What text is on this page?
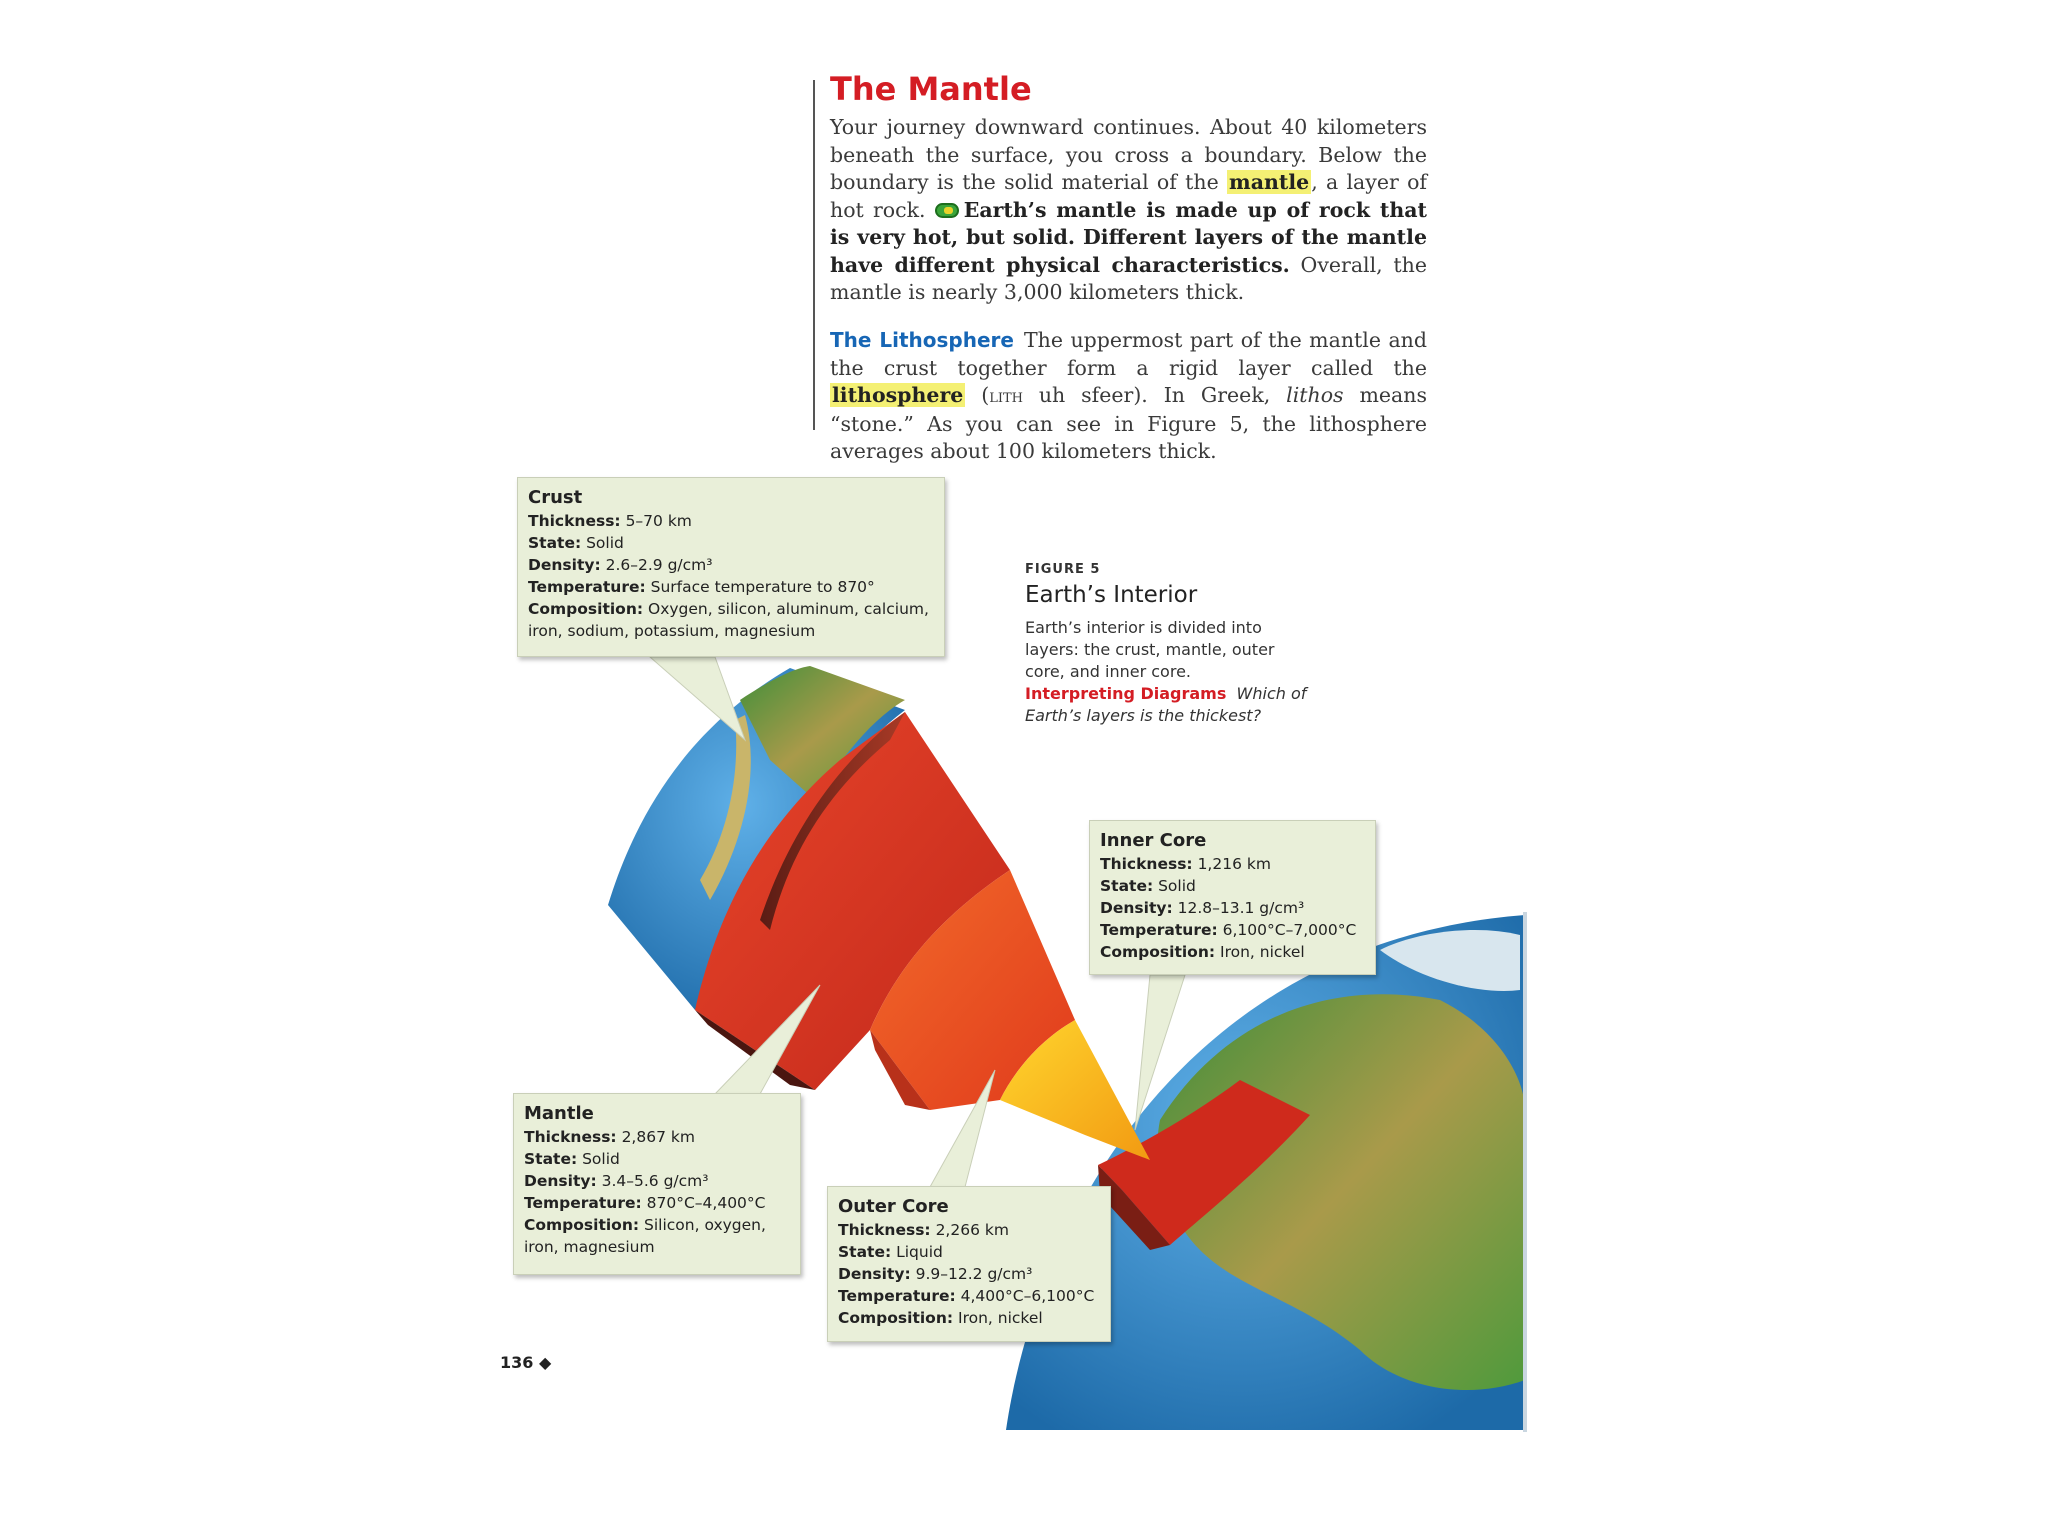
The Mantle

Your journey downward continues. About 40 kilometers beneath the surface, you cross a boundary. Below the boundary is the solid material of the mantle, a layer of hot rock. Earth’s mantle is made up of rock that is very hot, but solid. Different layers of the mantle have different physical characteristics. Overall, the mantle is nearly 3,000 kilometers thick.

The Lithosphere The uppermost part of the mantle and the crust together form a rigid layer called the lithosphere (lith uh sfeer). In Greek, lithos means “stone.” As you can see in Figure 5, the lithosphere averages about 100 kilometers thick.

FIGURE 5
Earth’s Interior
Earth’s interior is divided into layers: the crust, mantle, outer core, and inner core.
Interpreting Diagrams Which of Earth’s layers is the thickest?
Crust
Thickness: 5–70 km
State: Solid
Density: 2.6–2.9 g/cm³
Temperature: Surface temperature to 870°
Composition: Oxygen, silicon, aluminum, calcium, iron, sodium, potassium, magnesium
Inner Core
Thickness: 1,216 km
State: Solid
Density: 12.8–13.1 g/cm³
Temperature: 6,100°C–7,000°C
Composition: Iron, nickel
Mantle
Thickness: 2,867 km
State: Solid
Density: 3.4–5.6 g/cm³
Temperature: 870°C–4,400°C
Composition: Silicon, oxygen, iron, magnesium
Outer Core
Thickness: 2,266 km
State: Liquid
Density: 9.9–12.2 g/cm³
Temperature: 4,400°C–6,100°C
Composition: Iron, nickel
136 ◆
